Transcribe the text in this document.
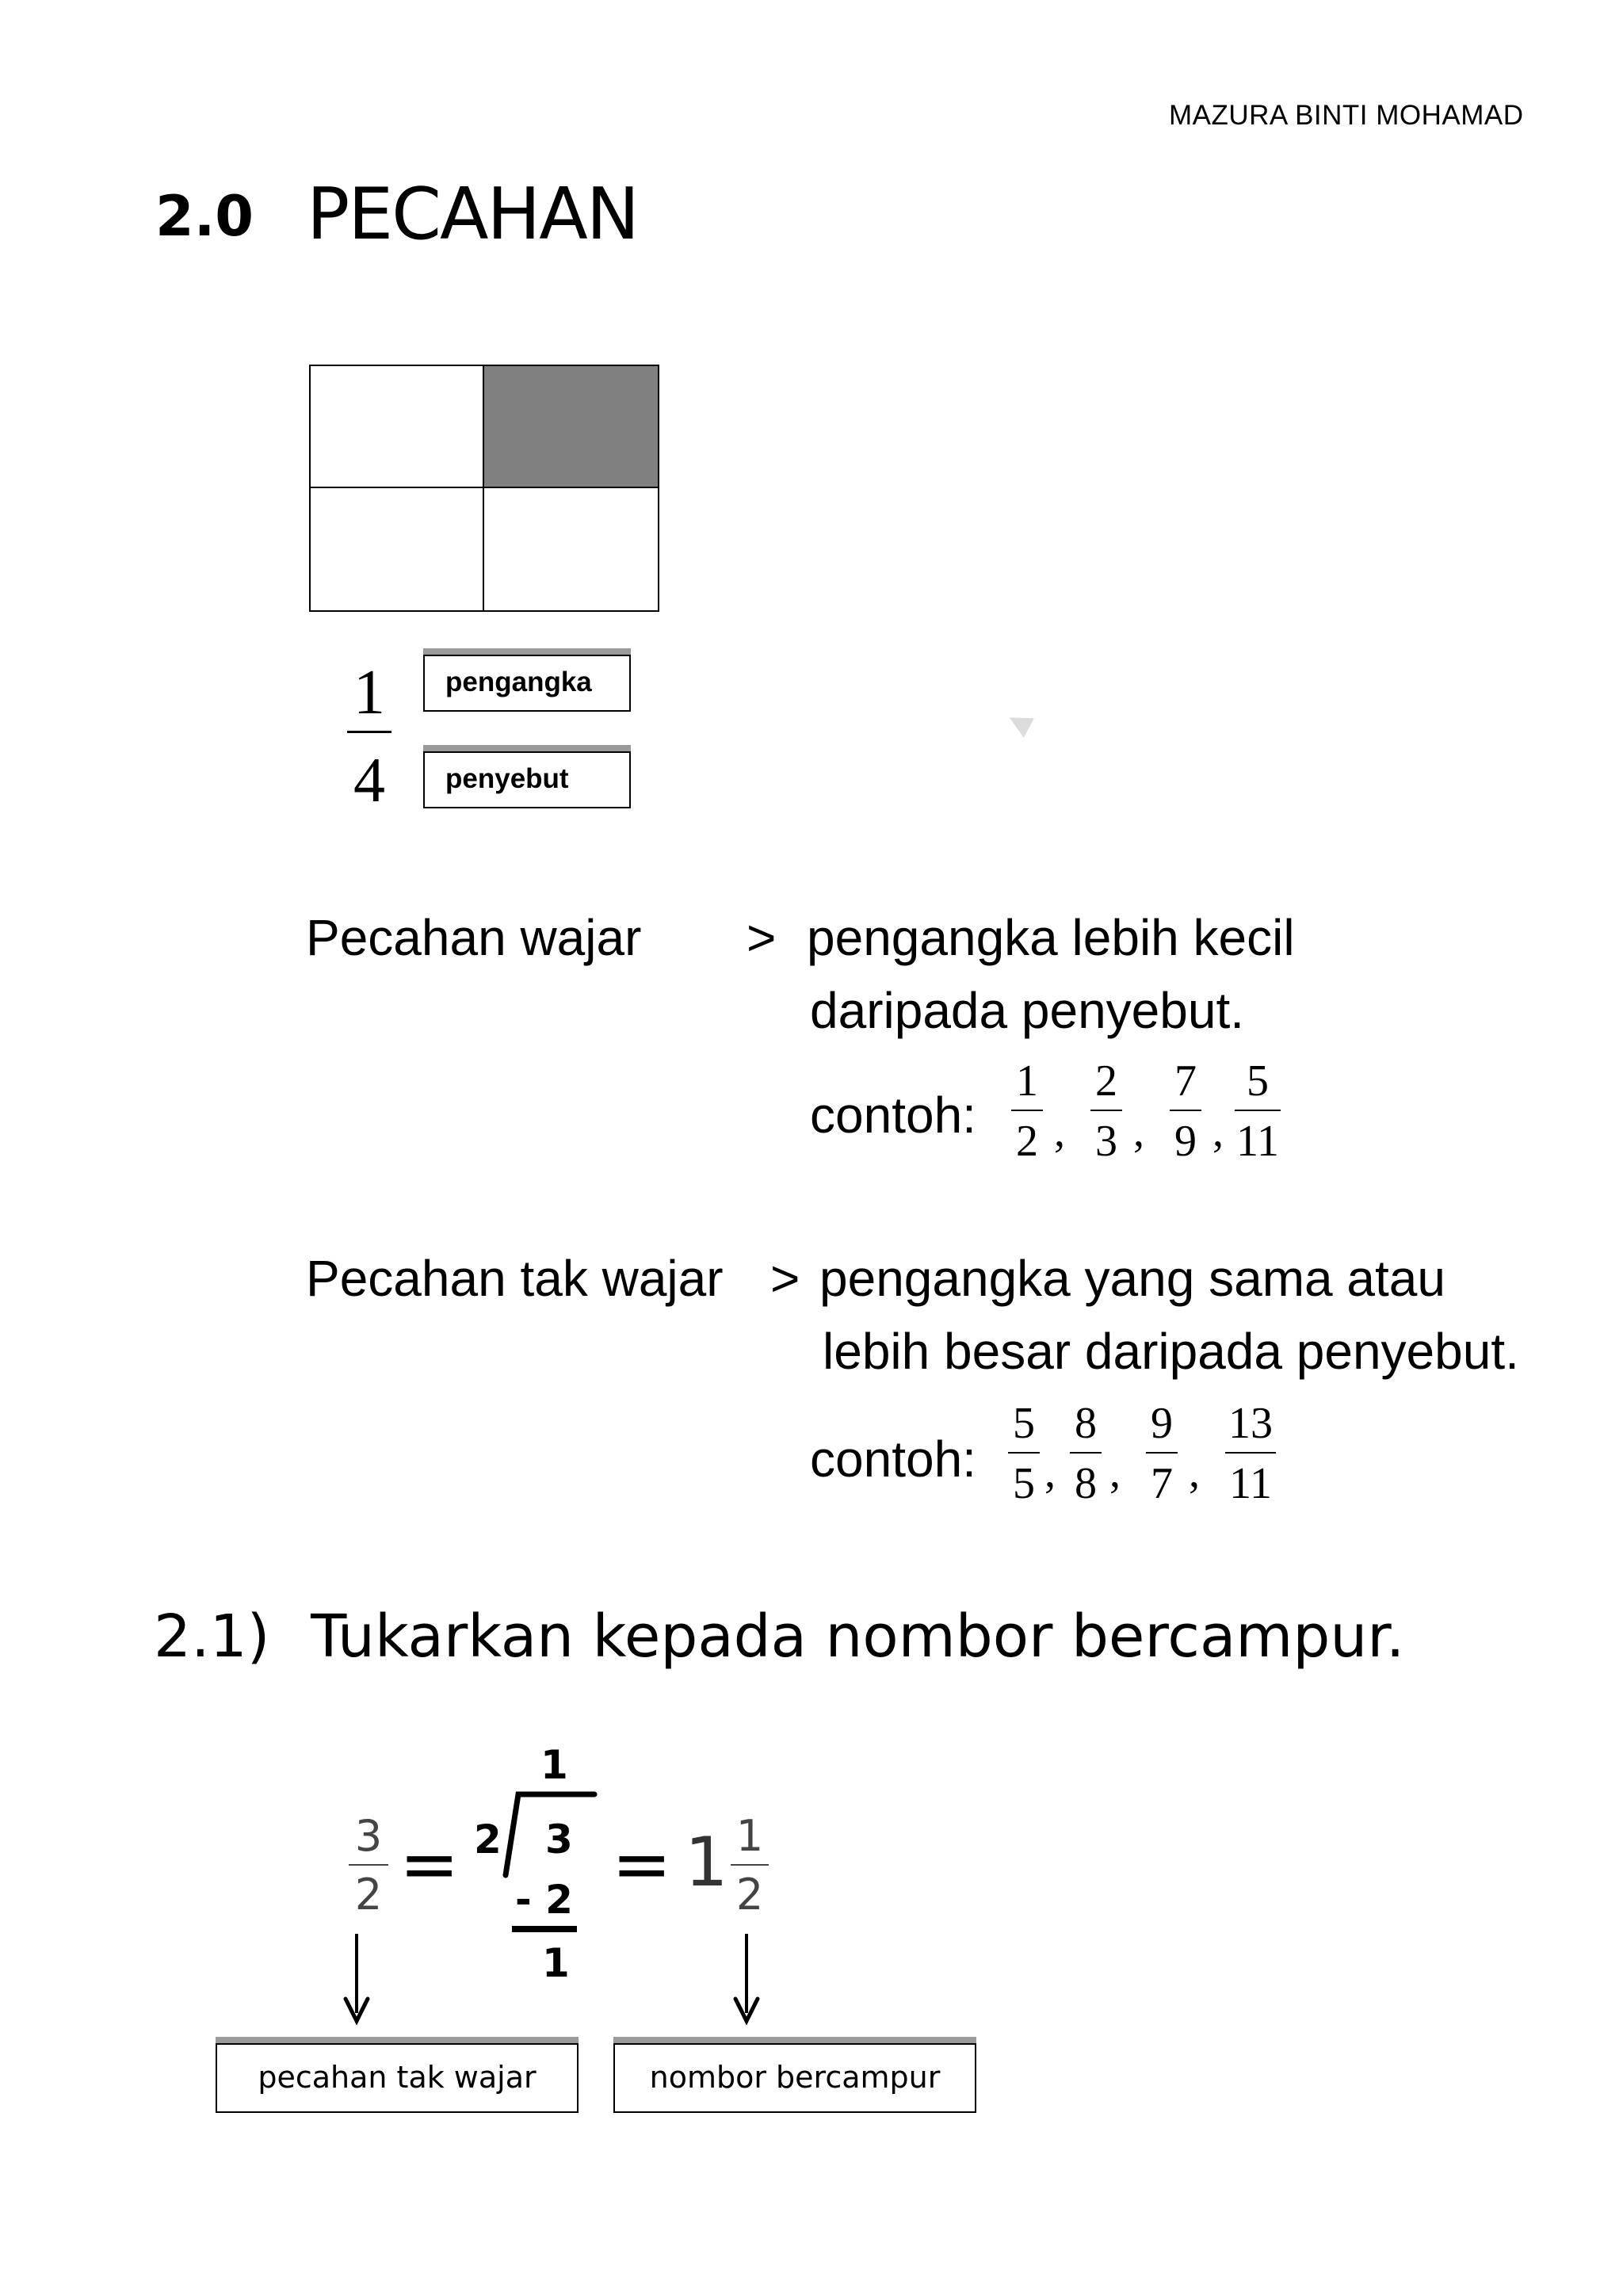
MAZURA BINTI MOHAMAD
2.0 PECAHAN
1
4
pengangka
penyebut
Pecahan wajar > pengangka lebih kecil
daripada penyebut.
contoh:
1
2 ,
2
3 ,
7
9 ,
5
11
Pecahan tak wajar > pengangka yang sama atau
lebih besar daripada penyebut.
contoh:
5
5 ,
8
8 ,
9
7 ,
13
11
2.1) Tukarkan kepada nombor bercampur.
3
2 =
1
2 3
- 2
1
= 1 1
2
pecahan tak wajar	nombor bercampur
